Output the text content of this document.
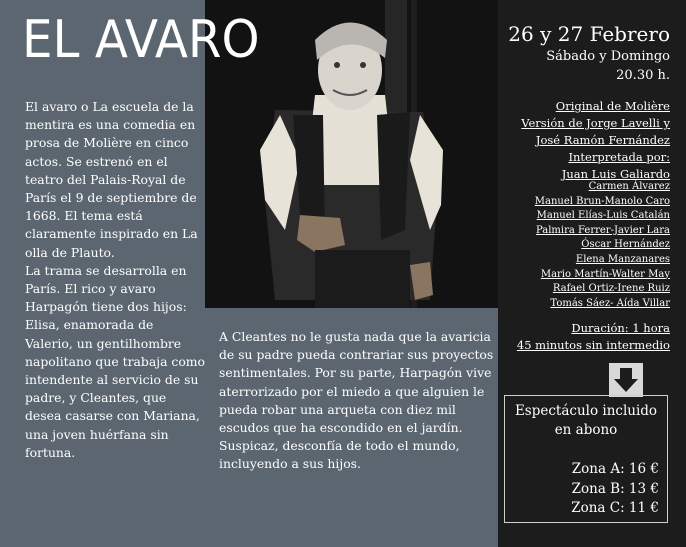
EL AVARO

El avaro o La escuela de la mentira es una comedia en prosa de Molière en cinco actos. Se estrenó en el teatro del Palais-Royal de París el 9 de septiembre de 1668. El tema está claramente inspirado en La olla de Plauto.

La trama se desarrolla en París. El rico y avaro Harpagón tiene dos hijos: Elisa, enamorada de Valerio, un gentilhombre napolitano que trabaja como intendente al servicio de su padre, y Cleantes, que desea casarse con Mariana, una joven huérfana sin fortuna.

A Cleantes no le gusta nada que la avaricia de su padre pueda contrariar sus proyectos sentimentales. Por su parte, Harpagón vive aterrorizado por el miedo a que alguien le pueda robar una arqueta con diez mil escudos que ha escondido en el jardín. Suspicaz, desconfía de todo el mundo, incluyendo a sus hijos.
26 y 27 Febrero
Sábado y Domingo
20.30 h.
Original de Molière
Versión de Jorge Lavelli y
José Ramón Fernández
Interpretada por:
Juan Luis Galiardo
Carmen Álvarez
Manuel Brun-Manolo Caro
Manuel Elías-Luis Catalán
Palmira Ferrer-Javier Lara
Óscar Hernández
Elena Manzanares
Mario Martín-Walter May
Rafael Ortiz-Irene Ruiz
Tomás Sáez- Aída Villar
Duración: 1 hora
45 minutos sin intermedio
Espectáculo incluido
en abono
Zona A: 16 €
Zona B: 13 €
Zona C: 11 €
